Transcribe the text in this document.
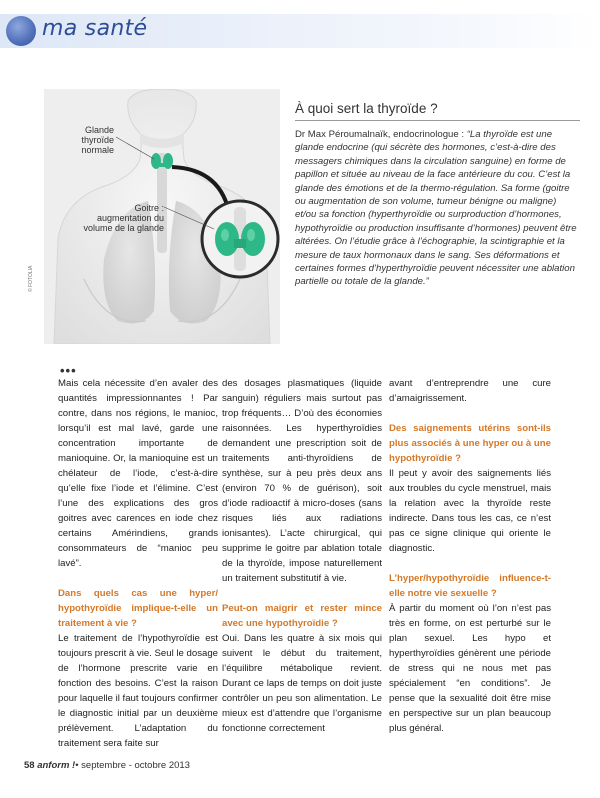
ma santé
Glande thyroïde normale
Goitre : augmentation du volume de la glande
© FOTOLIA
À quoi sert la thyroïde ?
Dr Max Péroumalnaïk, endocrinologue : “La thyroïde est une glande endocrine (qui sécrète des hormones, c’est-à-dire des messagers chimiques dans la circulation sanguine) en forme de papillon et située au niveau de la face antérieure du cou. C’est la glande des émotions et de la thermo-régulation. Sa forme (goitre ou augmentation de son volume, tumeur bénigne ou maligne) et/ou sa fonction (hyperthyroïdie ou surproduction d’hormones, hypothyroïdie ou production insuffisante d’hormones) peuvent être altérées. On l’étudie grâce à l’échographie, la scintigraphie et la mesure de taux hormonaux dans le sang. Ses déformations et certaines formes d’hyperthyroïdie peuvent nécessiter une ablation partielle ou totale de la glande.”
•••

Mais cela nécessite d’en avaler des quantités impressionnantes ! Par contre, dans nos régions, le manioc, lorsqu’il est mal lavé, garde une concentration importante de manioquine. Or, la manioquine est un chélateur de l’iode, c’est-à-dire qu’elle fixe l’iode et l’élimine. C’est l’une des explications des gros goitres avec carences en iode chez certains Amérindiens, grands consommateurs de “manioc peu lavé”.

Dans quels cas une hyper/ hypothyroïdie implique-t-elle un traitement à vie ?

Le traitement de l’hypothyroïdie est toujours prescrit à vie. Seul le dosage de l’hormone prescrite varie en fonction des besoins. C’est la raison pour laquelle il faut toujours confirmer le diagnostic initial par un deuxième prélèvement. L’adaptation du traitement sera faite sur

des dosages plasmatiques (liquide sanguin) réguliers mais surtout pas trop fréquents… D’où des économies raisonnées. Les hyperthyroïdies demandent une prescription soit de traitements anti-thyroïdiens de synthèse, sur à peu près deux ans (environ 70 % de guérison), soit d’iode radioactif à micro-doses (sans risques liés aux radiations ionisantes). L’acte chirurgical, qui supprime le goitre par ablation totale de la thyroïde, impose naturellement un traitement substitutif à vie.

Peut-on maigrir et rester mince avec une hypothyroïdie ?

Oui. Dans les quatre à six mois qui suivent le début du traitement, l’équilibre métabolique revient. Durant ce laps de temps on doit juste contrôler un peu son alimentation. Le mieux est d’attendre que l’organisme fonctionne correctement

avant d’entreprendre une cure d’amaigrissement.

Des saignements utérins sont-ils plus associés à une hyper ou à une hypothyroïdie ?

Il peut y avoir des saignements liés aux troubles du cycle menstruel, mais la relation avec la thyroïde reste indirecte. Dans tous les cas, ce n’est pas ce signe clinique qui oriente le diagnostic.

L’hyper/hypothyroïdie influence-t-elle notre vie sexuelle ?

À partir du moment où l’on n’est pas très en forme, on est perturbé sur le plan sexuel. Les hypo et hyperthyroïdies génèrent une période de stress qui ne nous met pas spécialement “en conditions”. Je pense que la sexualité doit être mise en perspective sur un plan beaucoup plus général.

58 anform !• septembre - octobre 2013
